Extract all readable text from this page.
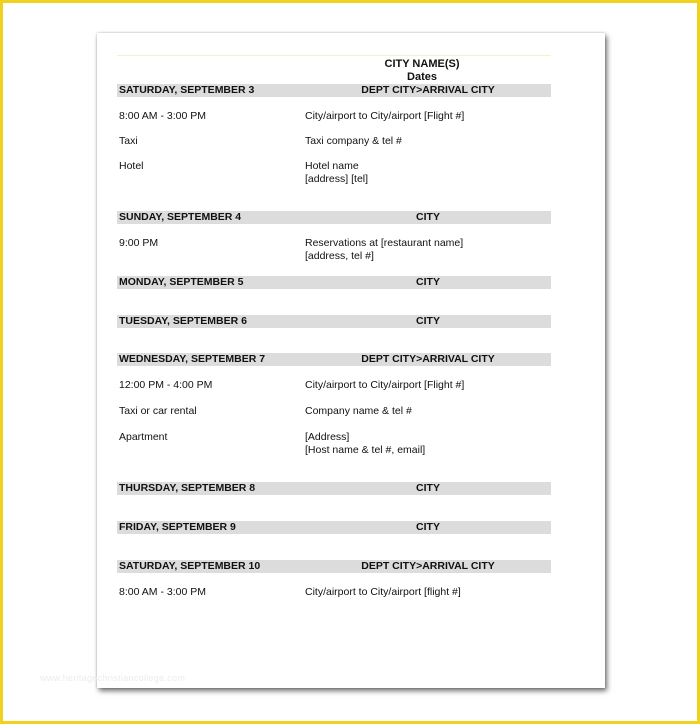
CITY NAME(S)
Dates
SATURDAY, SEPTEMBER 3	DEPT CITY>ARRIVAL CITY
8:00 AM - 3:00 PM	City/airport to City/airport [Flight #]
Taxi	Taxi company & tel #
Hotel	Hotel name
[address] [tel]
SUNDAY, SEPTEMBER 4	CITY
9:00 PM	Reservations at [restaurant name]
[address, tel #]
MONDAY, SEPTEMBER 5	CITY
TUESDAY, SEPTEMBER 6	CITY
WEDNESDAY, SEPTEMBER 7	DEPT CITY>ARRIVAL CITY
12:00 PM - 4:00 PM	City/airport to City/airport [Flight #]
Taxi or car rental	Company name & tel #
Apartment	[Address]
[Host name & tel #, email]
THURSDAY, SEPTEMBER 8	CITY
FRIDAY, SEPTEMBER 9	CITY
SATURDAY, SEPTEMBER 10	DEPT CITY>ARRIVAL CITY
8:00 AM - 3:00 PM	City/airport to City/airport [flight #]
www.heritagechristiancollege.com
